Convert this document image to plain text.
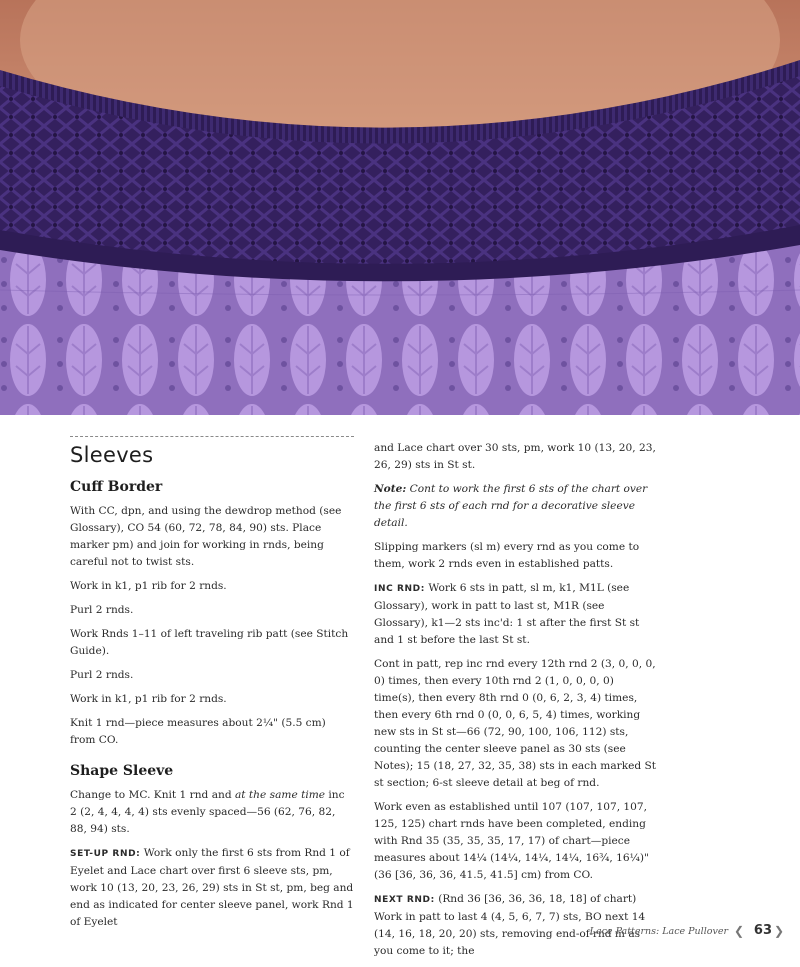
Sleeves
Cuff Border

With CC, dpn, and using the dewdrop method (see Glossary), CO 54 (60, 72, 78, 84, 90) sts. Place marker pm) and join for working in rnds, being careful not to twist sts.

Work in k1, p1 rib for 2 rnds.

Purl 2 rnds.

Work Rnds 1–11 of left traveling rib patt (see Stitch Guide).

Purl 2 rnds.

Work in k1, p1 rib for 2 rnds.

Knit 1 rnd—piece measures about 2¼" (5.5 cm) from CO.

Shape Sleeve

Change to MC. Knit 1 rnd and at the same time inc 2 (2, 4, 4, 4, 4) sts evenly spaced—56 (62, 76, 82, 88, 94) sts.

SET-UP RND: Work only the first 6 sts from Rnd 1 of Eyelet and Lace chart over first 6 sleeve sts, pm, work 10 (13, 20, 23, 26, 29) sts in St st, pm, beg and end as indicated for center sleeve panel, work Rnd 1 of Eyelet

and Lace chart over 30 sts, pm, work 10 (13, 20, 23, 26, 29) sts in St st.

Note: Cont to work the first 6 sts of the chart over the first 6 sts of each rnd for a decorative sleeve detail.

Slipping markers (sl m) every rnd as you come to them, work 2 rnds even in established patts.

INC RND: Work 6 sts in patt, sl m, k1, M1L (see Glossary), work in patt to last st, M1R (see Glossary), k1—2 sts inc'd: 1 st after the first St st and 1 st before the last St st.

Cont in patt, rep inc rnd every 12th rnd 2 (3, 0, 0, 0, 0) times, then every 10th rnd 2 (1, 0, 0, 0, 0) time(s), then every 8th rnd 0 (0, 6, 2, 3, 4) times, then every 6th rnd 0 (0, 0, 6, 5, 4) times, working new sts in St st—66 (72, 90, 100, 106, 112) sts, counting the center sleeve panel as 30 sts (see Notes); 15 (18, 27, 32, 35, 38) sts in each marked St st section; 6-st sleeve detail at beg of rnd.

Work even as established until 107 (107, 107, 107, 125, 125) chart rnds have been completed, ending with Rnd 35 (35, 35, 35, 17, 17) of chart—piece measures about 14¼ (14¼, 14¼, 14¼, 16¾, 16¼)" (36 [36, 36, 36, 41.5, 41.5] cm) from CO.

NEXT RND: (Rnd 36 [36, 36, 36, 18, 18] of chart) Work in patt to last 4 (4, 5, 6, 7, 7) sts, BO next 14 (14, 16, 18, 20, 20) sts, removing end-of-rnd m as you come to it; the

Lace Patterns: Lace Pullover ❮ 63 ❯
